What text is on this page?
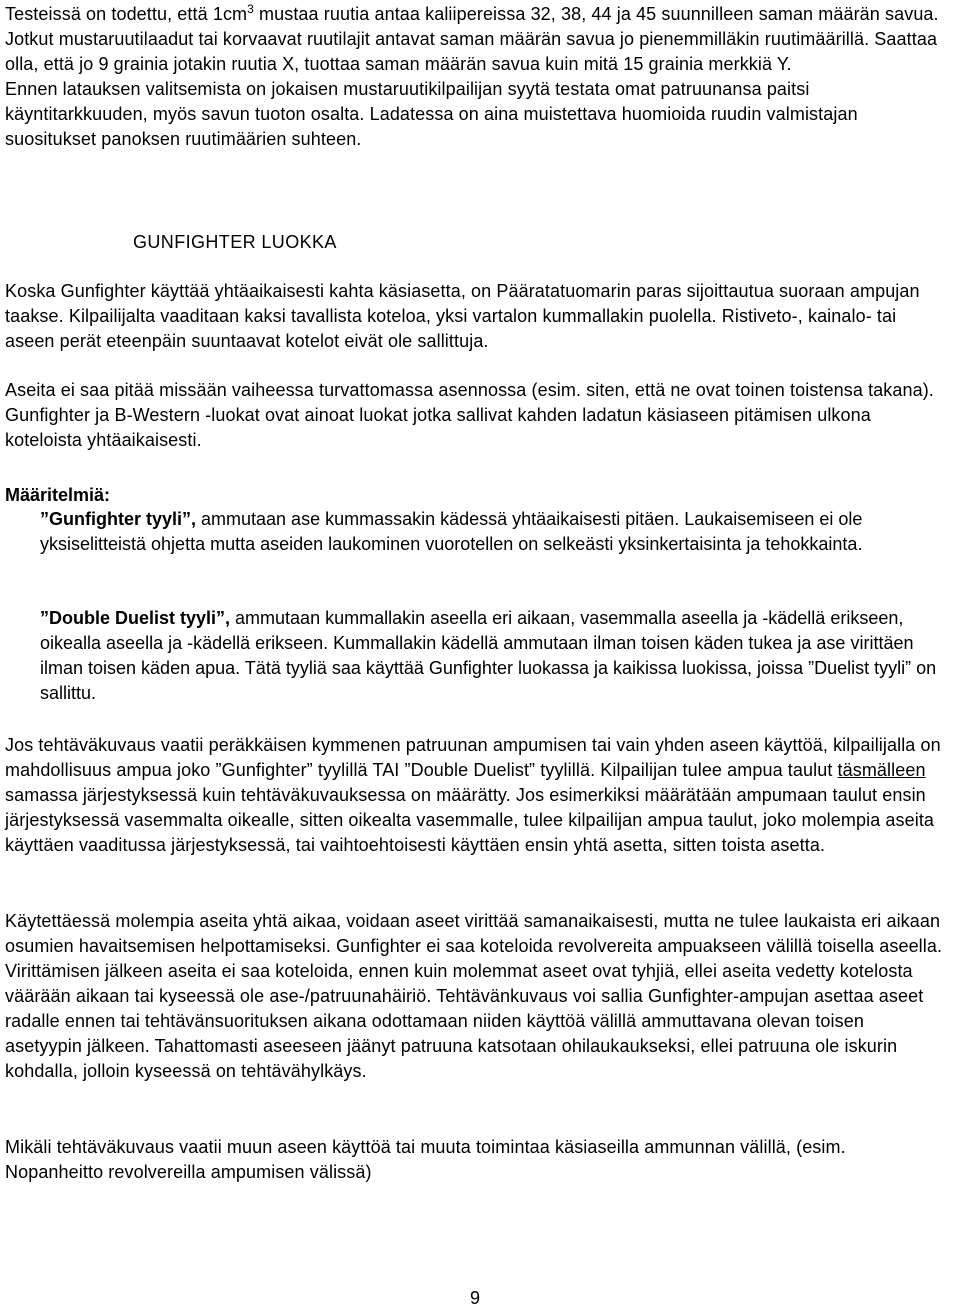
Testeissä on todettu, että $1cm^3$ mustaa ruutia antaa kaliipereissa 32, 38, 44 ja 45 suunnilleen saman määrän savua. Jotkut mustaruutilaadut tai korvaavat ruutilajit antavat saman määrän savua jo pienemmilläkin ruutimäärillä. Saattaa olla, että jo 9 grainia jotakin ruutia X, tuottaa saman määrän savua kuin mitä 15 grainia merkkiä Y.
Ennen latauksen valitsemista on jokaisen mustaruutikilpailijan syytä testata omat patruunansa paitsi käyntitarkkuuden, myös savun tuoton osalta. Ladatessa on aina muistettava huomioida ruudin valmistajan suositukset panoksen ruutimäärien suhteen.

GUNFIGHTER LUOKKA

Koska Gunfighter käyttää yhtäaikaisesti kahta käsiasetta, on Pääratatuomarin paras sijoittautua suoraan ampujan taakse. Kilpailijalta vaaditaan kaksi tavallista koteloa, yksi vartalon kummallakin puolella. Ristiveto-, kainalo- tai aseen perät eteenpäin suuntaavat kotelot eivät ole sallittuja.

Aseita ei saa pitää missään vaiheessa turvattomassa asennossa (esim. siten, että ne ovat toinen toistensa takana). Gunfighter ja B-Western -luokat ovat ainoat luokat jotka sallivat kahden ladatun käsiaseen pitämisen ulkona koteloista yhtäaikaisesti.

Määritelmiä:

”Gunfighter tyyli”, ammutaan ase kummassakin kädessä yhtäaikaisesti pitäen. Laukaisemiseen ei ole yksiselitteistä ohjetta mutta aseiden laukominen vuorotellen on selkeästi yksinkertaisinta ja tehokkainta.

”Double Duelist tyyli”, ammutaan kummallakin aseella eri aikaan, vasemmalla aseella ja -kädellä erikseen, oikealla aseella ja -kädellä erikseen. Kummallakin kädellä ammutaan ilman toisen käden tukea ja ase virittäen ilman toisen käden apua. Tätä tyyliä saa käyttää Gunfighter luokassa ja kaikissa luokissa, joissa ”Duelist tyyli” on sallittu.

Jos tehtäväkuvaus vaatii peräkkäisen kymmenen patruunan ampumisen tai vain yhden aseen käyttöä, kilpailijalla on mahdollisuus ampua joko ”Gunfighter” tyylillä TAI ”Double Duelist” tyylillä. Kilpailijan tulee ampua taulut täsmälleen samassa järjestyksessä kuin tehtäväkuvauksessa on määrätty. Jos esimerkiksi määrätään ampumaan taulut ensin järjestyksessä vasemmalta oikealle, sitten oikealta vasemmalle, tulee kilpailijan ampua taulut, joko molempia aseita käyttäen vaaditussa järjestyksessä, tai vaihtoehtoisesti käyttäen ensin yhtä asetta, sitten toista asetta.

Käytettäessä molempia aseita yhtä aikaa, voidaan aseet virittää samanaikaisesti, mutta ne tulee laukaista eri aikaan osumien havaitsemisen helpottamiseksi. Gunfighter ei saa koteloida revolvereita ampuakseen välillä toisella aseella. Virittämisen jälkeen aseita ei saa koteloida, ennen kuin molemmat aseet ovat tyhjiä, ellei aseita vedetty kotelosta väärään aikaan tai kyseessä ole ase-/patruunahäiriö. Tehtävänkuvaus voi sallia Gunfighter-ampujan asettaa aseet radalle ennen tai tehtävänsuorituksen aikana odottamaan niiden käyttöä välillä ammuttavana olevan toisen asetyypin jälkeen. Tahattomasti aseeseen jäänyt patruuna katsotaan ohilaukaukseksi, ellei patruuna ole iskurin kohdalla, jolloin kyseessä on tehtävähylkäys.

Mikäli tehtäväkuvaus vaatii muun aseen käyttöä tai muuta toimintaa käsiaseilla ammunnan välillä, (esim. Nopanheitto revolvereilla ampumisen välissä)

9
